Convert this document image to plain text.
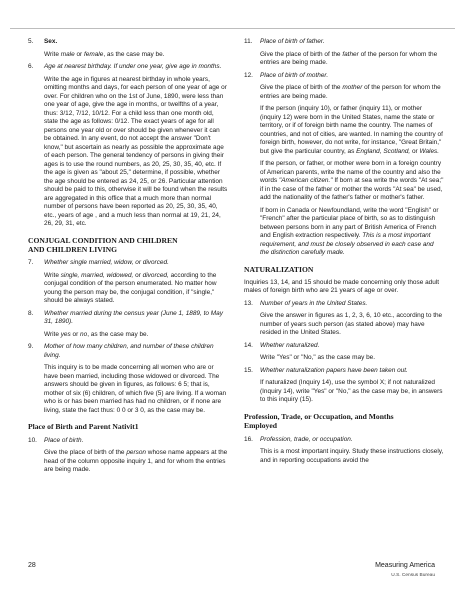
5.	Sex.
Write male or female, as the case may be.
6.	Age at nearest birthday. If under one year, give age in months.
Write the age in figures at nearest birthday in whole years, omitting months and days, for each person of one year of age or over. For children who on the 1st of June, 1890, were less than one year of age, give the age in months, or twelfths of a year, thus: 3/12, 7/12, 10/12. For a child less than one month old, state the age as follows: 0/12. The exact years of age for all persons one year old or over should be given whenever it can be obtained. In any event, do not accept the answer "Don't know," but ascertain as nearly as possible the approximate age of each person. The general tendency of persons in giving their ages is to use the round numbers, as 20, 25, 30, 35, 40, etc. If the age is given as "about 25," determine, if possible, whether the age should be entered as 24, 25, or 26. Particular attention should be paid to this, otherwise it will be found when the results are aggregated in this office that a much more than normal number of persons have been reported as 20, 25, 30, 35, 40, etc., years of age , and a much less than normal at 19, 21, 24, 26, 29, 31, etc.
CONJUGAL CONDITION AND CHILDREN
AND CHILDREN LIVING
7.	Whether single married, widow, or divorced.
Write single, married, widowed, or divorced, according to the conjugal condition of the person enumerated. No matter how young the person may be, the conjugal condition, if "single," should be always stated.
8.	Whether married during the census year (June 1, 1889, to May 31, 1890).
Write yes or no, as the case may be.
9.	Mother of how many children, and number of these children living.
This inquiry is to be made concerning all women who are or have been married, including those widowed or divorced. The answers should be given in figures, as follows: 6 5; that is, mother of six (6) children, of which five (5) are living. If a woman who is or has been married has had no children, or if none are living, state the fact thus: 0 0 or 3 0, as the case may be.
Place of Birth and Parent Nativit1
10.	Place of birth.
Give the place of birth of the person whose name appears at the head of the column opposite inquiry 1, and for whom the entries are being made.
11.	Place of birth of father.
Give the place of birth of the father of the person for whom the entries are being made.
12.	Place of birth of mother.
Give the place of birth of the mother of the person for whom the entries are being made.
If the person (inquiry 10), or father (inquiry 11), or mother (inquiry 12) were born in the United States, name the state or territory, or if of foreign birth name the country. The names of countries, and not of cities, are wanted. In naming the country of foreign birth, however, do not write, for instance, "Great Britain," but give the particular country, as England, Scotland, or Wales.
If the person, or father, or mother were born in a foreign country of American parents, write the name of the country and also the words "American citizen." If born at sea write the words "At sea;" if in the case of the father or mother the words "At sea" be used, add the nationality of the father's father or mother's father.
If born in Canada or Newfoundland, write the word "English" or "French" after the particular place of birth, so as to distinguish between persons born in any part of British America of French and English extraction respectively. This is a most important requirement, and must be closely observed in each case and the distinction carefully made.
NATURALIZATION
Inquiries 13, 14, and 15 should be made concerning only those adult males of foreign birth who are 21 years of age or over.
13.	Number of years in the United States.
Give the answer in figures as 1, 2, 3, 6, 10 etc., according to the number of years such person (as stated above) may have resided in the United States.
14.	Whether naturalized.
Write "Yes" or "No," as the case may be.
15.	Whether naturalization papers have been taken out.
If naturalized (Inquiry 14), use the symbol X; if not naturalized (Inquiry 14), write "Yes" or "No," as the case may be, in answers to this inquiry (15).
Profession, Trade, or Occupation, and Months
Employed
16.	Profession, trade, or occupation.
This is a most important inquiry. Study these instructions closely, and in reporting occupations avoid the
28	Measuring America
U.S. Census Bureau
